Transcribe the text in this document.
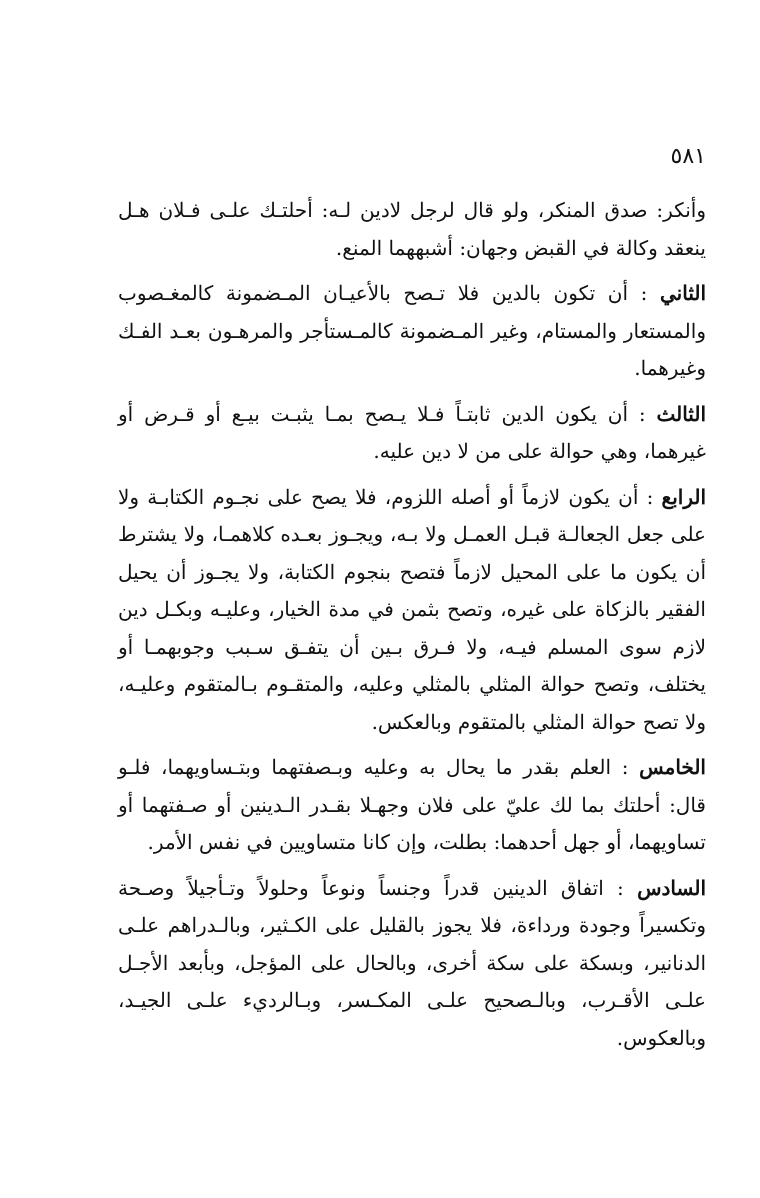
٥٨١

وأنكر: صدق المنكر، ولو قال لرجل لادين لـه: أحلتـك علـى فـلان هـل ينعقد وكالة في القبض وجهان: أشبههما المنع.

الثاني : أن تكون بالدين فلا تـصح بالأعيـان المـضمونة كالمغـصوب والمستعار والمستام، وغير المـضمونة كالمـستأجر والمرهـون بعـد الفـك وغيرهما.

الثالث : أن يكون الدين ثابتـاً فـلا يـصح بمـا يثبـت بيـع أو قـرض أو غيرهما، وهي حوالة على من لا دين عليه.

الرابع : أن يكون لازماً أو أصله اللزوم، فلا يصح على نجـوم الكتابـة ولا على جعل الجعالـة قبـل العمـل ولا بـه، ويجـوز بعـده كلاهمـا، ولا يشترط أن يكون ما على المحيل لازماً فتصح بنجوم الكتابة، ولا يجـوز أن يحيل الفقير بالزكاة على غيره، وتصح بثمن في مدة الخيار، وعليـه وبكـل دين لازم سوى المسلم فيـه، ولا فـرق بـين أن يتفـق سـبب وجوبهمـا أو يختلف، وتصح حوالة المثلي بالمثلي وعليه، والمتقـوم بـالمتقوم وعليـه، ولا تصح حوالة المثلي بالمتقوم وبالعكس.

الخامس : العلم بقدر ما يحال به وعليه وبـصفتهما وبتـساويهما، فلـو قال: أحلتك بما لك عليّ على فلان وجهـلا بقـدر الـدينين أو صـفتهما أو تساويهما، أو جهل أحدهما: بطلت، وإن كانا متساويين في نفس الأمر.

السادس : اتفاق الدينين قدراً وجنساً ونوعاً وحلولاً وتـأجيلاً وصـحة وتكسيراً وجودة ورداءة، فلا يجوز بالقليل على الكـثير، وبالـدراهم علـى الدنانير، وبسكة على سكة أخرى، وبالحال على المؤجل، وبأبعد الأجـل علـى الأقـرب، وبالـصحيح علـى المكـسر، وبـالرديء علـى الجيـد، وبالعكوس.
